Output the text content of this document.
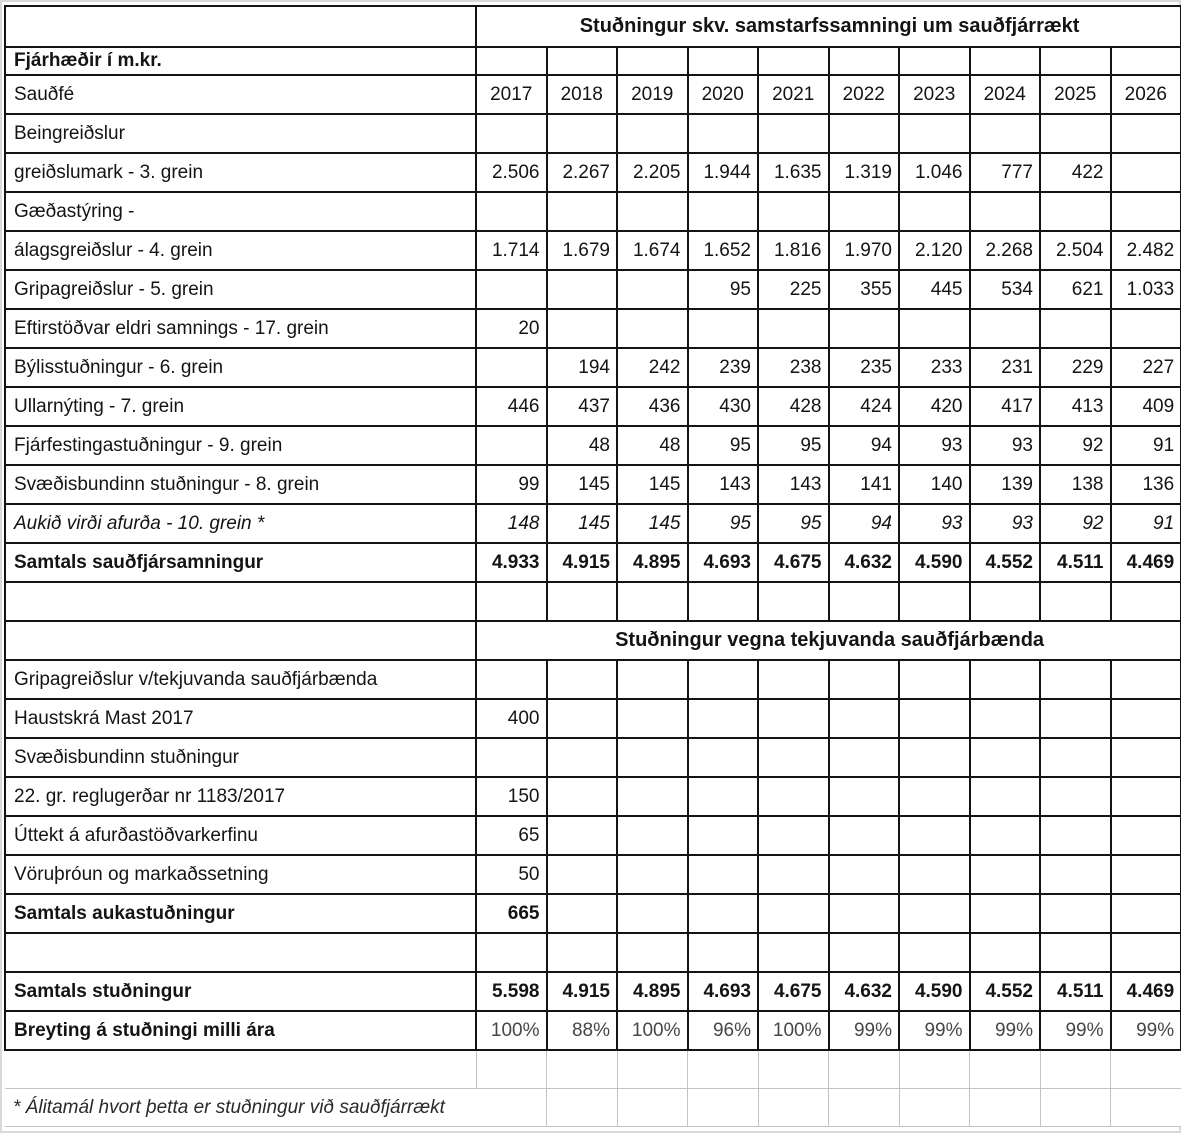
	Stuðningur skv. samstarfssamningi um sauðfjárrækt									
Fjárhæðir í m.kr.										
Sauðfé	2017	2018	2019	2020	2021	2022	2023	2024	2025	2026
Beingreiðslur										
greiðslumark - 3. grein	2.506	2.267	2.205	1.944	1.635	1.319	1.046	777	422	
Gæðastýring -										
álagsgreiðslur - 4. grein	1.714	1.679	1.674	1.652	1.816	1.970	2.120	2.268	2.504	2.482
Gripagreiðslur - 5. grein				95	225	355	445	534	621	1.033
Eftirstöðvar eldri samnings - 17. grein	20									
Býlisstuðningur - 6. grein		194	242	239	238	235	233	231	229	227
Ullarnýting - 7. grein	446	437	436	430	428	424	420	417	413	409
Fjárfestingastuðningur - 9. grein		48	48	95	95	94	93	93	92	91
Svæðisbundinn stuðningur - 8. grein	99	145	145	143	143	141	140	139	138	136
Aukið virði afurða - 10. grein *	148	145	145	95	95	94	93	93	92	91
Samtals sauðfjársamningur	4.933	4.915	4.895	4.693	4.675	4.632	4.590	4.552	4.511	4.469

	Stuðningur vegna tekjuvanda sauðfjárbænda									
Gripagreiðslur v/tekjuvanda sauðfjárbænda										
Haustskrá Mast 2017	400									
Svæðisbundinn stuðningur										
22. gr. reglugerðar nr 1183/2017	150									
Úttekt á afurðastöðvarkerfinu	65									
Vöruþróun og markaðssetning	50									
Samtals aukastuðningur	665									

Samtals stuðningur	5.598	4.915	4.895	4.693	4.675	4.632	4.590	4.552	4.511	4.469
Breyting á stuðningi milli ára	100%	88%	100%	96%	100%	99%	99%	99%	99%	99%

* Álitamál hvort þetta er stuðningur við sauðfjárrækt										
